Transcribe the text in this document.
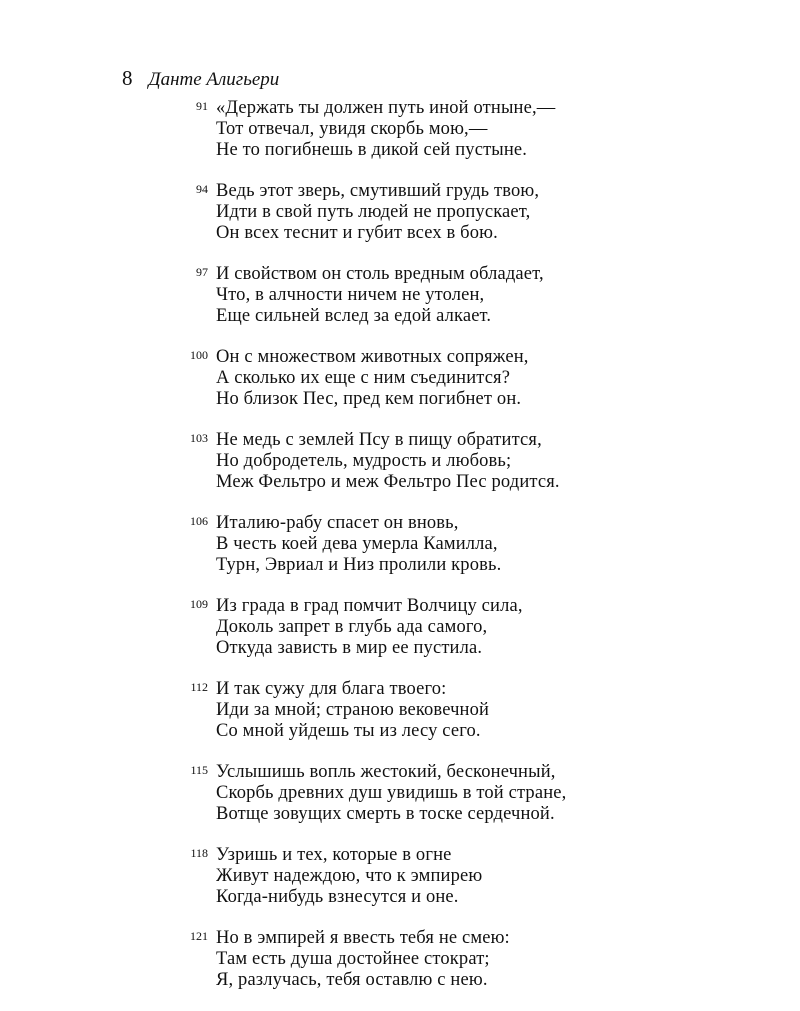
8 Данте Алигьери
91 «Держать ты должен путь иной отныне,—
Тот отвечал, увидя скорбь мою,—
Не то погибнешь в дикой сей пустыне.
94 Ведь этот зверь, смутивший грудь твою,
Идти в свой путь людей не пропускает,
Он всех теснит и губит всех в бою.
97 И свойством он столь вредным обладает,
Что, в алчности ничем не утолен,
Еще сильней вслед за едой алкает.
100 Он с множеством животных сопряжен,
А сколько их еще с ним съединится?
Но близок Пес, пред кем погибнет он.
103 Не медь с землей Псу в пищу обратится,
Но добродетель, мудрость и любовь;
Меж Фельтро и меж Фельтро Пес родится.
106 Италию-рабу спасет он вновь,
В честь коей дева умерла Камилла,
Турн, Эвриал и Низ пролили кровь.
109 Из града в град помчит Волчицу сила,
Доколь запрет в глубь ада самого,
Откуда зависть в мир ее пустила.
112 И так сужу для блага твоего:
Иди за мной; страною вековечной
Со мной уйдешь ты из лесу сего.
115 Услышишь вопль жестокий, бесконечный,
Скорбь древних душ увидишь в той стране,
Вотще зовущих смерть в тоске сердечной.
118 Узришь и тех, которые в огне
Живут надеждою, что к эмпирею
Когда-нибудь взнесутся и оне.
121 Но в эмпирей я ввесть тебя не смею:
Там есть душа достойнее стократ;
Я, разлучась, тебя оставлю с нею.
